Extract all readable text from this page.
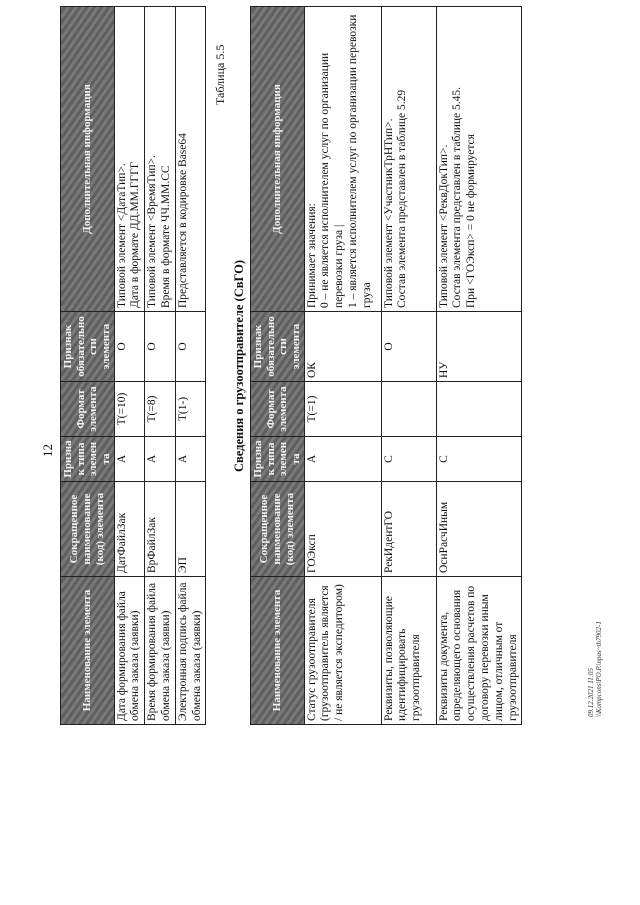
12
Наименование элемента	Сокращенное наименование (код) элемента	Признак типа элемента	Формат элемента	Признак обязательности элемента	Дополнительная информация
Дата формирования файла обмена заказа (заявки)	ДатФайлЗак	А	T(=10)	О	Типовой элемент <ДатаТип>. Дата в формате ДД.ММ.ГГГГ

Время формирования файла обмена заказа (заявки)	ВрФайлЗак	А	T(=8)	О	Типовой элемент <ВремяТип>. Время в формате ЧЧ.ММ.СС

Электронная подпись файла обмена заказа (заявки)	ЭП	А	T(1-)	О	Представляется в кодировке Base64
Таблица 5.5
Сведения о грузоотправителе (СвГО)
Наименование элемента	Сокращенное наименование (код) элемента	Признак типа элемента	Формат элемента	Признак обязательности элемента	Дополнительная информация
Статус грузоотправителя (грузоотправитель является / не является экспедитором)	ГОЭксп	А	T(=1)	ОК	Принимает значения: 0 – не является исполнителем услуг по организации перевозки груза | 1 – является исполнителем услуг по организации перевозки груза

Реквизиты, позволяющие идентифицировать грузоотправителя	РекИдентГО	С		О	Типовой элемент <УчастникТрНТип>. Состав элемента представлен в таблице 5.29

Реквизиты документа, определяющего основания осуществления расчетов по договору перевозки иным лицом, отличным от грузоотправителя	ОснРасчИным	С		НУ	Типовой элемент <РеквДокТип>. Состав элемента представлен в таблице 5.45. При <ГОЭксп> = 0 не формируется
09.12.2021 11:05 \\Kompcons\PO.P.\npas~th7902-1
